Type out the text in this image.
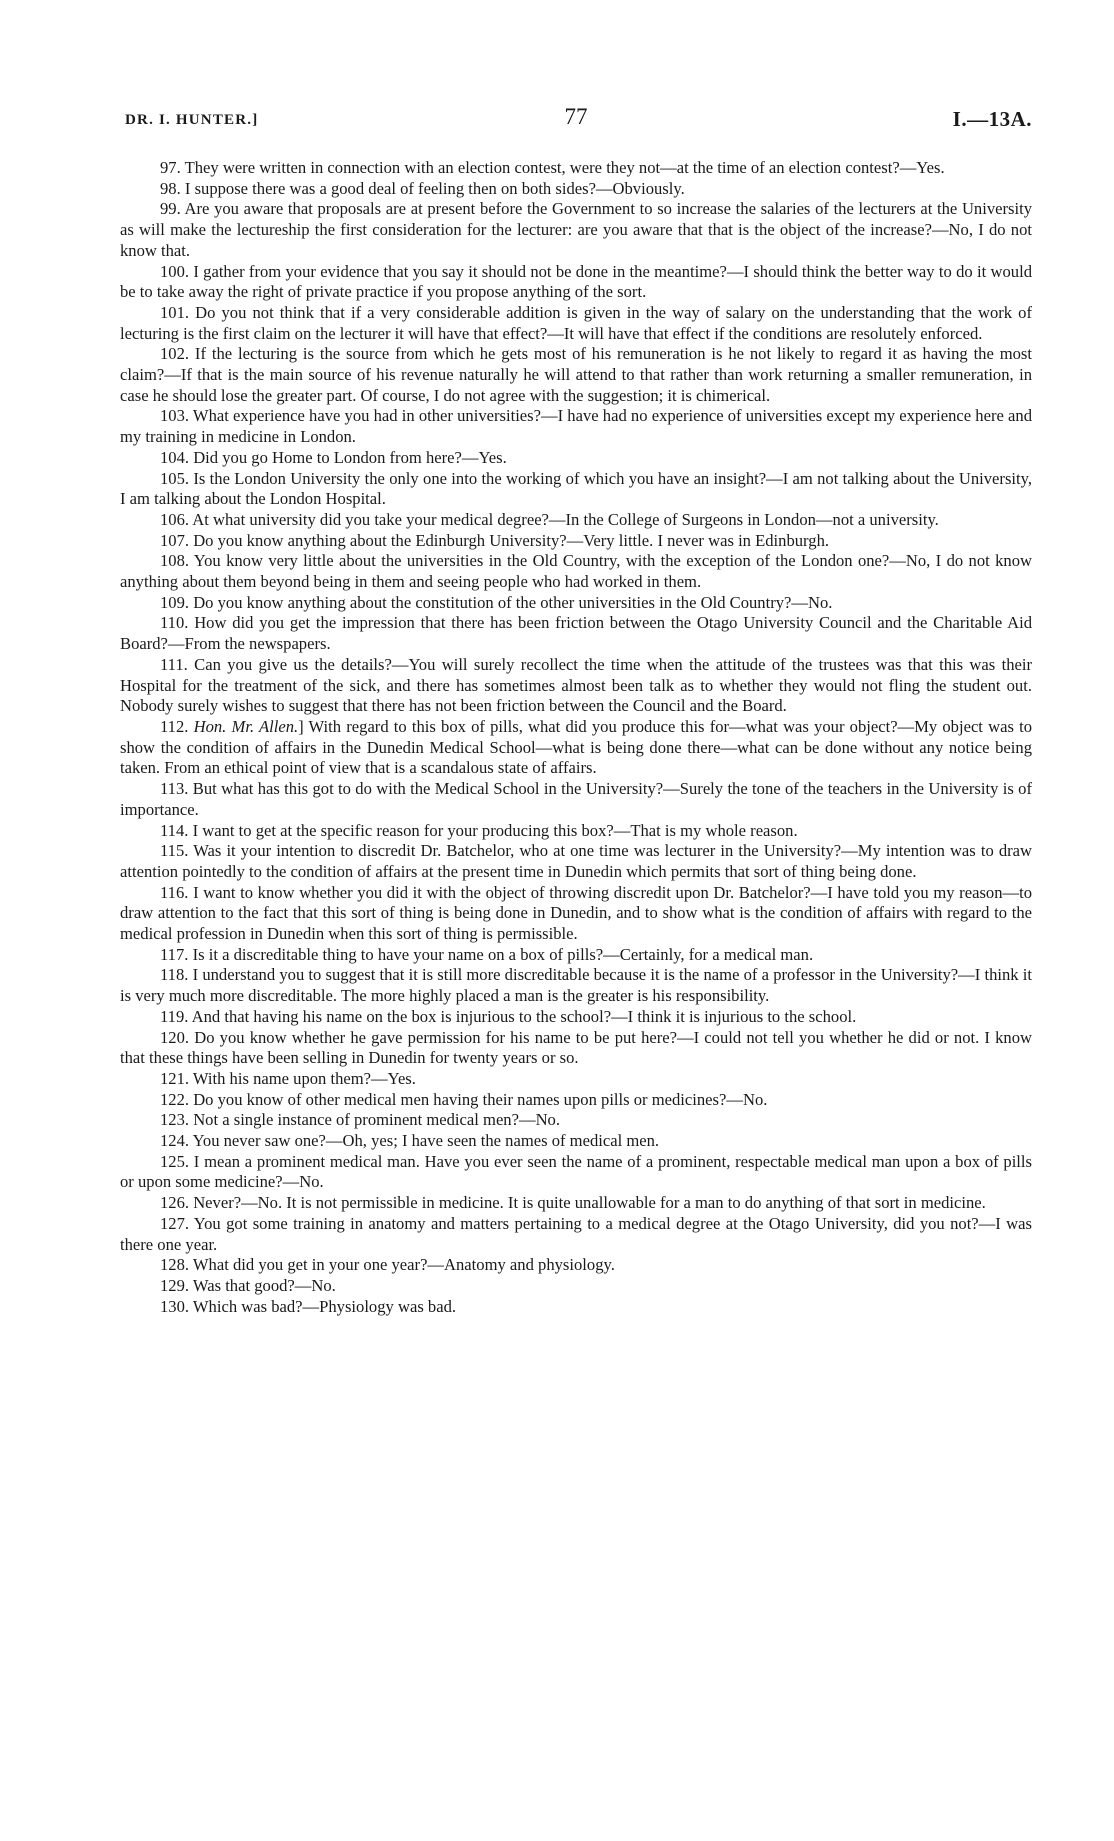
DR. I. HUNTER.]	77	I.—13A.

97. They were written in connection with an election contest, were they not—at the time of an election contest?—Yes.

98. I suppose there was a good deal of feeling then on both sides?—Obviously.

99. Are you aware that proposals are at present before the Government to so increase the salaries of the lecturers at the University as will make the lectureship the first consideration for the lecturer: are you aware that that is the object of the increase?—No, I do not know that.

100. I gather from your evidence that you say it should not be done in the meantime?—I should think the better way to do it would be to take away the right of private practice if you propose anything of the sort.

101. Do you not think that if a very considerable addition is given in the way of salary on the understanding that the work of lecturing is the first claim on the lecturer it will have that effect?—It will have that effect if the conditions are resolutely enforced.

102. If the lecturing is the source from which he gets most of his remuneration is he not likely to regard it as having the most claim?—If that is the main source of his revenue naturally he will attend to that rather than work returning a smaller remuneration, in case he should lose the greater part. Of course, I do not agree with the suggestion; it is chimerical.

103. What experience have you had in other universities?—I have had no experience of universities except my experience here and my training in medicine in London.

104. Did you go Home to London from here?—Yes.

105. Is the London University the only one into the working of which you have an insight?—I am not talking about the University, I am talking about the London Hospital.

106. At what university did you take your medical degree?—In the College of Surgeons in London—not a university.

107. Do you know anything about the Edinburgh University?—Very little. I never was in Edinburgh.

108. You know very little about the universities in the Old Country, with the exception of the London one?—No, I do not know anything about them beyond being in them and seeing people who had worked in them.

109. Do you know anything about the constitution of the other universities in the Old Country?—No.

110. How did you get the impression that there has been friction between the Otago University Council and the Charitable Aid Board?—From the newspapers.

111. Can you give us the details?—You will surely recollect the time when the attitude of the trustees was that this was their Hospital for the treatment of the sick, and there has sometimes almost been talk as to whether they would not fling the student out. Nobody surely wishes to suggest that there has not been friction between the Council and the Board.

112. Hon. Mr. Allen.] With regard to this box of pills, what did you produce this for—what was your object?—My object was to show the condition of affairs in the Dunedin Medical School—what is being done there—what can be done without any notice being taken. From an ethical point of view that is a scandalous state of affairs.

113. But what has this got to do with the Medical School in the University?—Surely the tone of the teachers in the University is of importance.

114. I want to get at the specific reason for your producing this box?—That is my whole reason.

115. Was it your intention to discredit Dr. Batchelor, who at one time was lecturer in the University?—My intention was to draw attention pointedly to the condition of affairs at the present time in Dunedin which permits that sort of thing being done.

116. I want to know whether you did it with the object of throwing discredit upon Dr. Batchelor?—I have told you my reason—to draw attention to the fact that this sort of thing is being done in Dunedin, and to show what is the condition of affairs with regard to the medical profession in Dunedin when this sort of thing is permissible.

117. Is it a discreditable thing to have your name on a box of pills?—Certainly, for a medical man.

118. I understand you to suggest that it is still more discreditable because it is the name of a professor in the University?—I think it is very much more discreditable. The more highly placed a man is the greater is his responsibility.

119. And that having his name on the box is injurious to the school?—I think it is injurious to the school.

120. Do you know whether he gave permission for his name to be put here?—I could not tell you whether he did or not. I know that these things have been selling in Dunedin for twenty years or so.

121. With his name upon them?—Yes.

122. Do you know of other medical men having their names upon pills or medicines?—No.

123. Not a single instance of prominent medical men?—No.

124. You never saw one?—Oh, yes; I have seen the names of medical men.

125. I mean a prominent medical man. Have you ever seen the name of a prominent, respectable medical man upon a box of pills or upon some medicine?—No.

126. Never?—No. It is not permissible in medicine. It is quite unallowable for a man to do anything of that sort in medicine.

127. You got some training in anatomy and matters pertaining to a medical degree at the Otago University, did you not?—I was there one year.

128. What did you get in your one year?—Anatomy and physiology.

129. Was that good?—No.

130. Which was bad?—Physiology was bad.
